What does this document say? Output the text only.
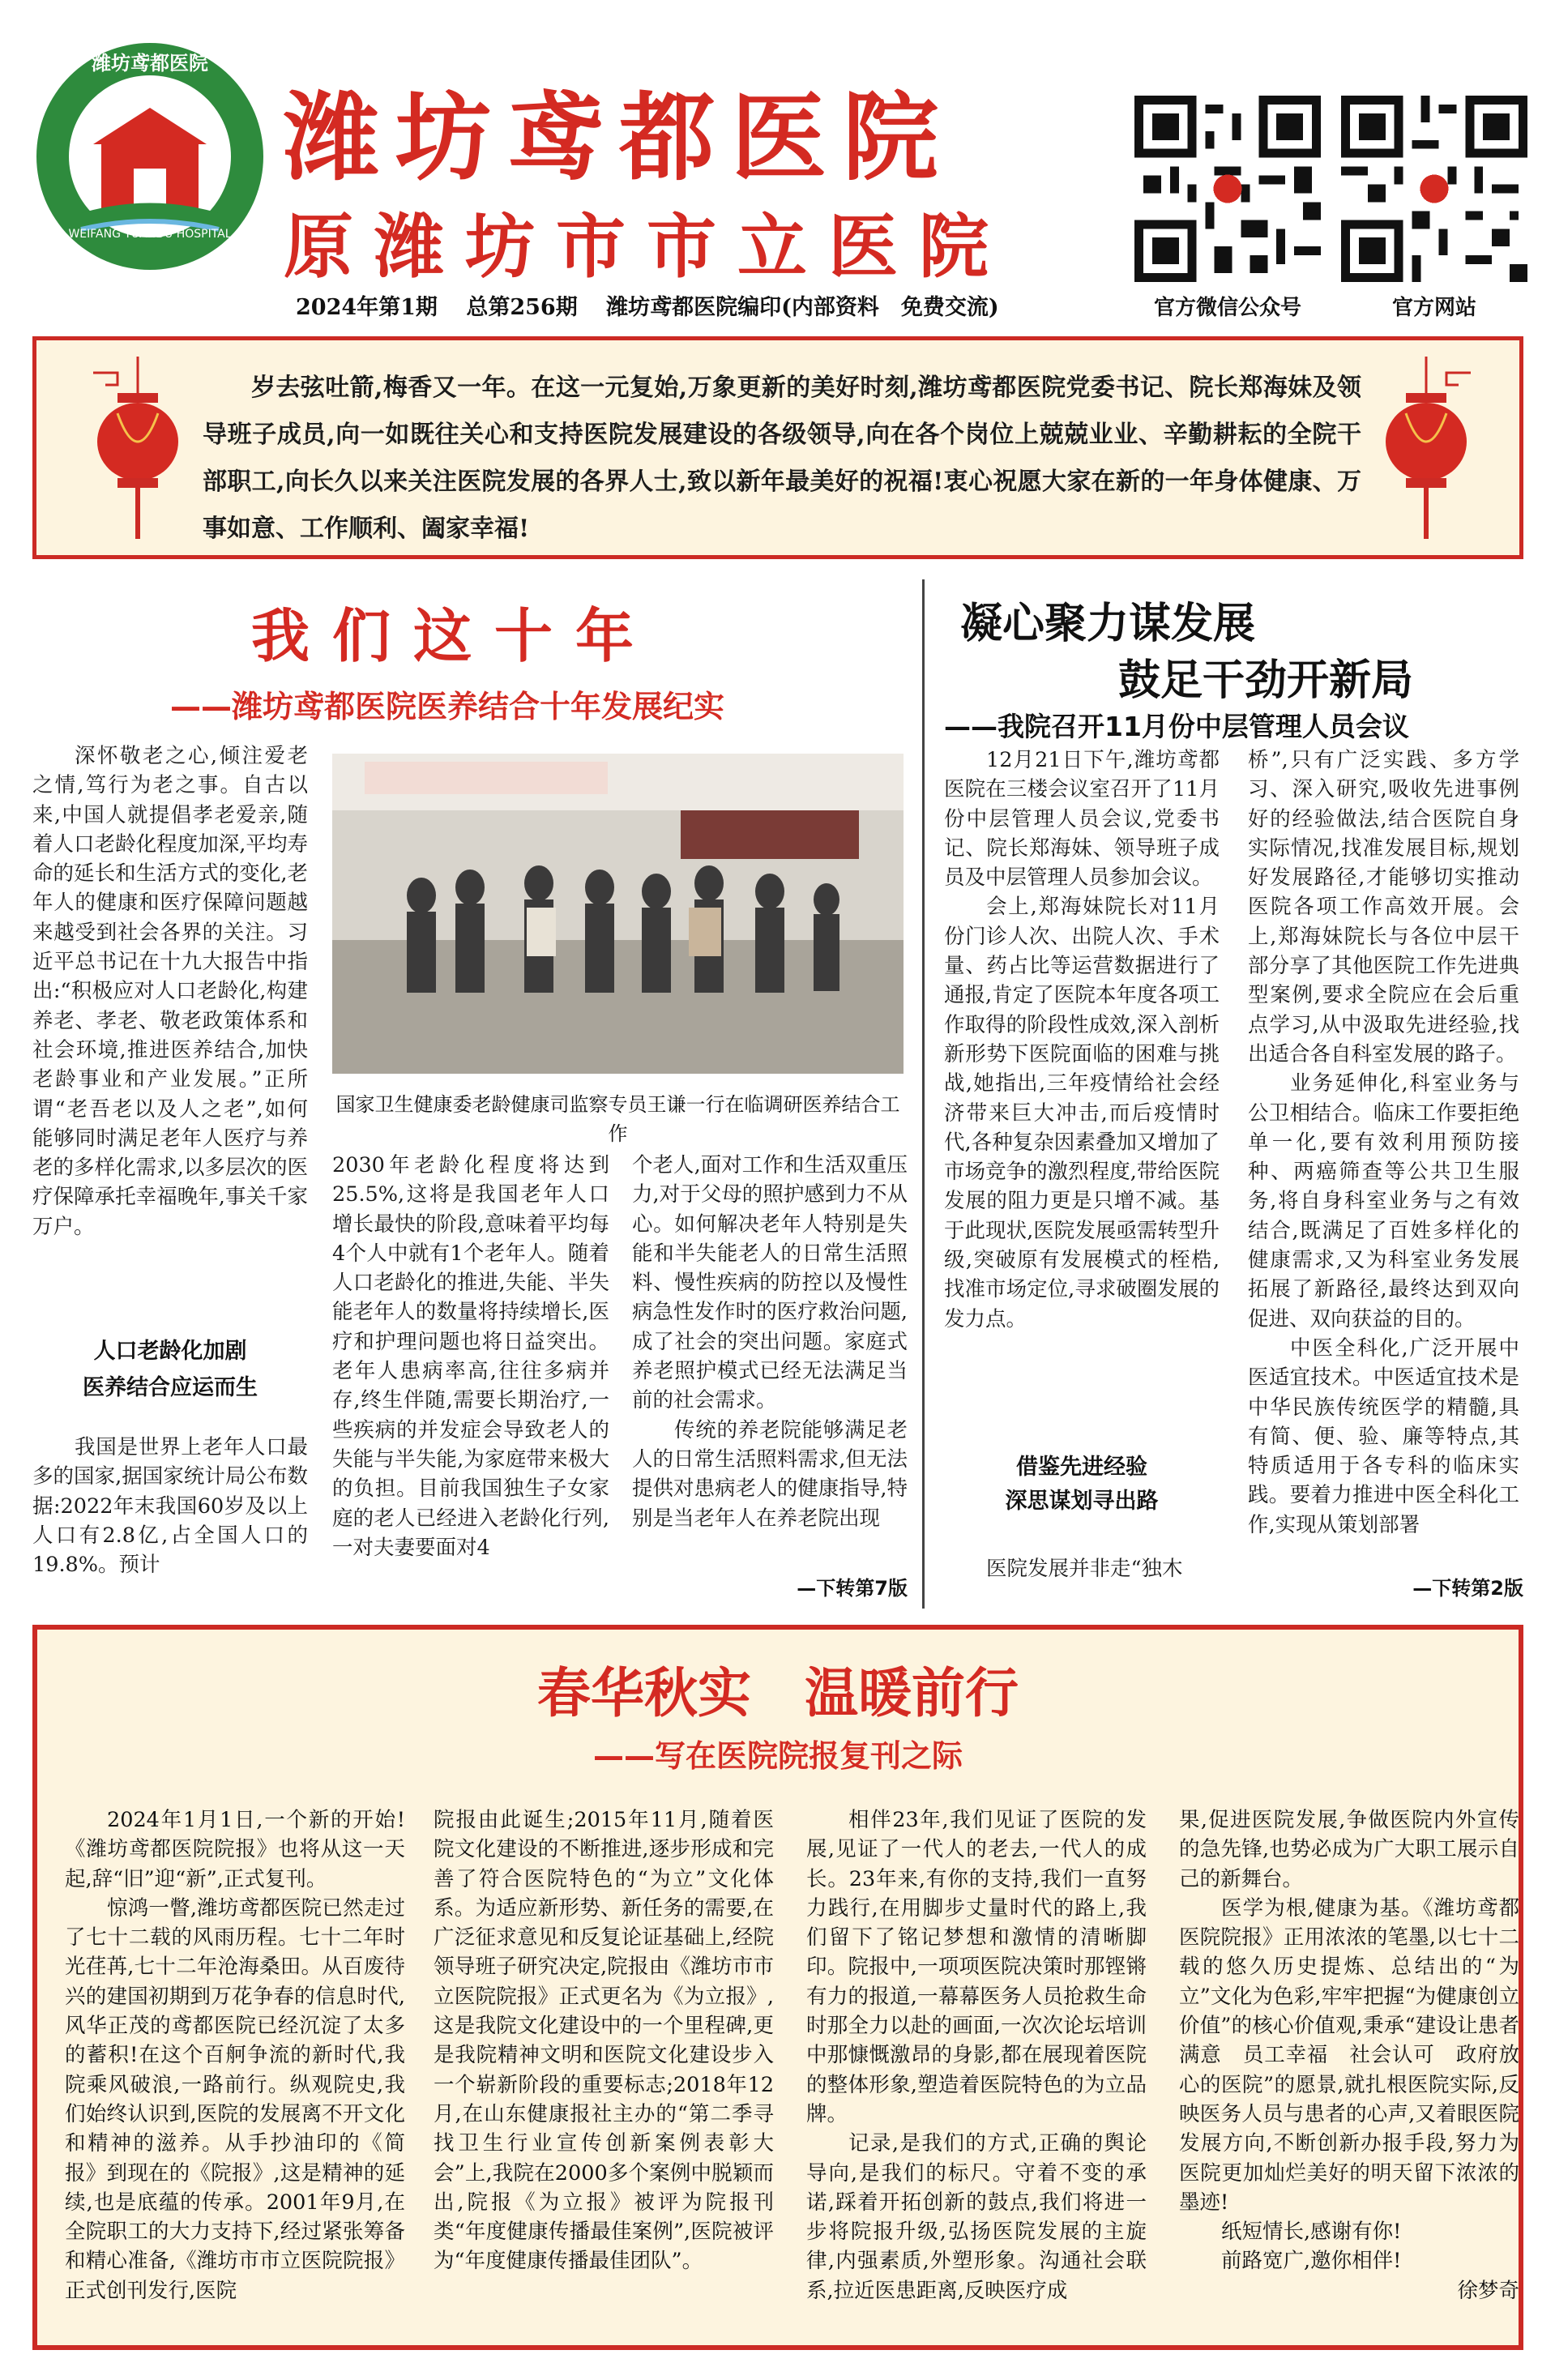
WEIFANG YUANDU HOSPITAL
潍坊鸢都医院
潍坊鸢都医院
原潍坊市市立医院
2024年第1期 总第256期 潍坊鸢都医院编印(内部资料　免费交流)	官方微信公众号	官方网站
岁去弦吐箭,梅香又一年。在这一元复始,万象更新的美好时刻,潍坊鸢都医院党委书记、院长郑海妹及领导班子成员,向一如既往关心和支持医院发展建设的各级领导,向在各个岗位上兢兢业业、辛勤耕耘的全院干部职工,向长久以来关注医院发展的各界人士,致以新年最美好的祝福!衷心祝愿大家在新的一年身体健康、万事如意、工作顺利、阖家幸福!
我们这十年
——潍坊鸢都医院医养结合十年发展纪实
深怀敬老之心,倾注爱老之情,笃行为老之事。自古以来,中国人就提倡孝老爱亲,随着人口老龄化程度加深,平均寿命的延长和生活方式的变化,老年人的健康和医疗保障问题越来越受到社会各界的关注。习近平总书记在十九大报告中指出:“积极应对人口老龄化,构建养老、孝老、敬老政策体系和社会环境,推进医养结合,加快老龄事业和产业发展。”正所谓“老吾老以及人之老”,如何能够同时满足老年人医疗与养老的多样化需求,以多层次的医疗保障承托幸福晚年,事关千家万户。
人口老龄化加剧
医养结合应运而生
我国是世界上老年人口最多的国家,据国家统计局公布数据:2022年末我国60岁及以上人口有2.8亿,占全国人口的19.8%。预计
国家卫生健康委老龄健康司监察专员王谦一行在临调研医养结合工作
2030年老龄化程度将达到25.5%,这将是我国老年人口增长最快的阶段,意味着平均每4个人中就有1个老年人。随着人口老龄化的推进,失能、半失能老年人的数量将持续增长,医疗和护理问题也将日益突出。老年人患病率高,往往多病并存,终生伴随,需要长期治疗,一些疾病的并发症会导致老人的失能与半失能,为家庭带来极大的负担。目前我国独生子女家庭的老人已经进入老龄化行列,一对夫妻要面对4

个老人,面对工作和生活双重压力,对于父母的照护感到力不从心。如何解决老年人特别是失能和半失能老人的日常生活照料、慢性疾病的防控以及慢性病急性发作时的医疗救治问题,成了社会的突出问题。家庭式养老照护模式已经无法满足当前的社会需求。

传统的养老院能够满足老人的日常生活照料需求,但无法提供对患病老人的健康指导,特别是当老年人在养老院出现

—下转第7版
凝心聚力谋发展
鼓足干劲开新局
——我院召开11月份中层管理人员会议

12月21日下午,潍坊鸢都医院在三楼会议室召开了11月份中层管理人员会议,党委书记、院长郑海妹、领导班子成员及中层管理人员参加会议。

会上,郑海妹院长对11月份门诊人次、出院人次、手术量、药占比等运营数据进行了通报,肯定了医院本年度各项工作取得的阶段性成效,深入剖析新形势下医院面临的困难与挑战,她指出,三年疫情给社会经济带来巨大冲击,而后疫情时代,各种复杂因素叠加又增加了市场竞争的激烈程度,带给医院发展的阻力更是只增不减。基于此现状,医院发展亟需转型升级,突破原有发展模式的桎梏,找准市场定位,寻求破圈发展的发力点。

借鉴先进经验
深思谋划寻出路
医院发展并非走“独木

桥”,只有广泛实践、多方学习、深入研究,吸收先进事例好的经验做法,结合医院自身实际情况,找准发展目标,规划好发展路径,才能够切实推动医院各项工作高效开展。会上,郑海妹院长与各位中层干部分享了其他医院工作先进典型案例,要求全院应在会后重点学习,从中汲取先进经验,找出适合各自科室发展的路子。

业务延伸化,科室业务与公卫相结合。临床工作要拒绝单一化,要有效利用预防接种、两癌筛查等公共卫生服务,将自身科室业务与之有效结合,既满足了百姓多样化的健康需求,又为科室业务发展拓展了新路径,最终达到双向促进、双向获益的目的。

中医全科化,广泛开展中医适宜技术。中医适宜技术是中华民族传统医学的精髓,具有简、便、验、廉等特点,其特质适用于各专科的临床实践。要着力推进中医全科化工作,实现从策划部署

—下转第2版
春华秋实　温暖前行
——写在医院院报复刊之际

2024年1月1日,一个新的开始!《潍坊鸢都医院院报》也将从这一天起,辞“旧”迎“新”,正式复刊。

惊鸿一瞥,潍坊鸢都医院已然走过了七十二载的风雨历程。七十二年时光荏苒,七十二年沧海桑田。从百废待兴的建国初期到万花争春的信息时代,风华正茂的鸢都医院已经沉淀了太多的蓄积!在这个百舸争流的新时代,我院乘风破浪,一路前行。纵观院史,我们始终认识到,医院的发展离不开文化和精神的滋养。从手抄油印的《简报》到现在的《院报》,这是精神的延续,也是底蕴的传承。2001年9月,在全院职工的大力支持下,经过紧张筹备和精心准备,《潍坊市市立医院院报》正式创刊发行,医院

院报由此诞生;2015年11月,随着医院文化建设的不断推进,逐步形成和完善了符合医院特色的“为立”文化体系。为适应新形势、新任务的需要,在广泛征求意见和反复论证基础上,经院领导班子研究决定,院报由《潍坊市市立医院院报》正式更名为《为立报》,这是我院文化建设中的一个里程碑,更是我院精神文明和医院文化建设步入一个崭新阶段的重要标志;2018年12月,在山东健康报社主办的“第二季寻找卫生行业宣传创新案例表彰大会”上,我院在2000多个案例中脱颖而出,院报《为立报》被评为院报刊类“年度健康传播最佳案例”,医院被评为“年度健康传播最佳团队”。

相伴23年,我们见证了医院的发展,见证了一代人的老去,一代人的成长。23年来,有你的支持,我们一直努力践行,在用脚步丈量时代的路上,我们留下了铭记梦想和激情的清晰脚印。院报中,一项项医院决策时那铿锵有力的报道,一幕幕医务人员抢救生命时那全力以赴的画面,一次次论坛培训中那慷慨激昂的身影,都在展现着医院的整体形象,塑造着医院特色的为立品牌。

记录,是我们的方式,正确的舆论导向,是我们的标尺。守着不变的承诺,踩着开拓创新的鼓点,我们将进一步将院报升级,弘扬医院发展的主旋律,内强素质,外塑形象。沟通社会联系,拉近医患距离,反映医疗成

果,促进医院发展,争做医院内外宣传的急先锋,也势必成为广大职工展示自己的新舞台。

医学为根,健康为基。《潍坊鸢都医院院报》正用浓浓的笔墨,以七十二载的悠久历史提炼、总结出的“为立”文化为色彩,牢牢把握“为健康创立价值”的核心价值观,秉承“建设让患者满意　员工幸福　社会认可　政府放心的医院”的愿景,就扎根医院实际,反映医务人员与患者的心声,又着眼医院发展方向,不断创新办报手段,努力为医院更加灿烂美好的明天留下浓浓的墨迹!

纸短情长,感谢有你!

前路宽广,邀你相伴!

徐梦奇
